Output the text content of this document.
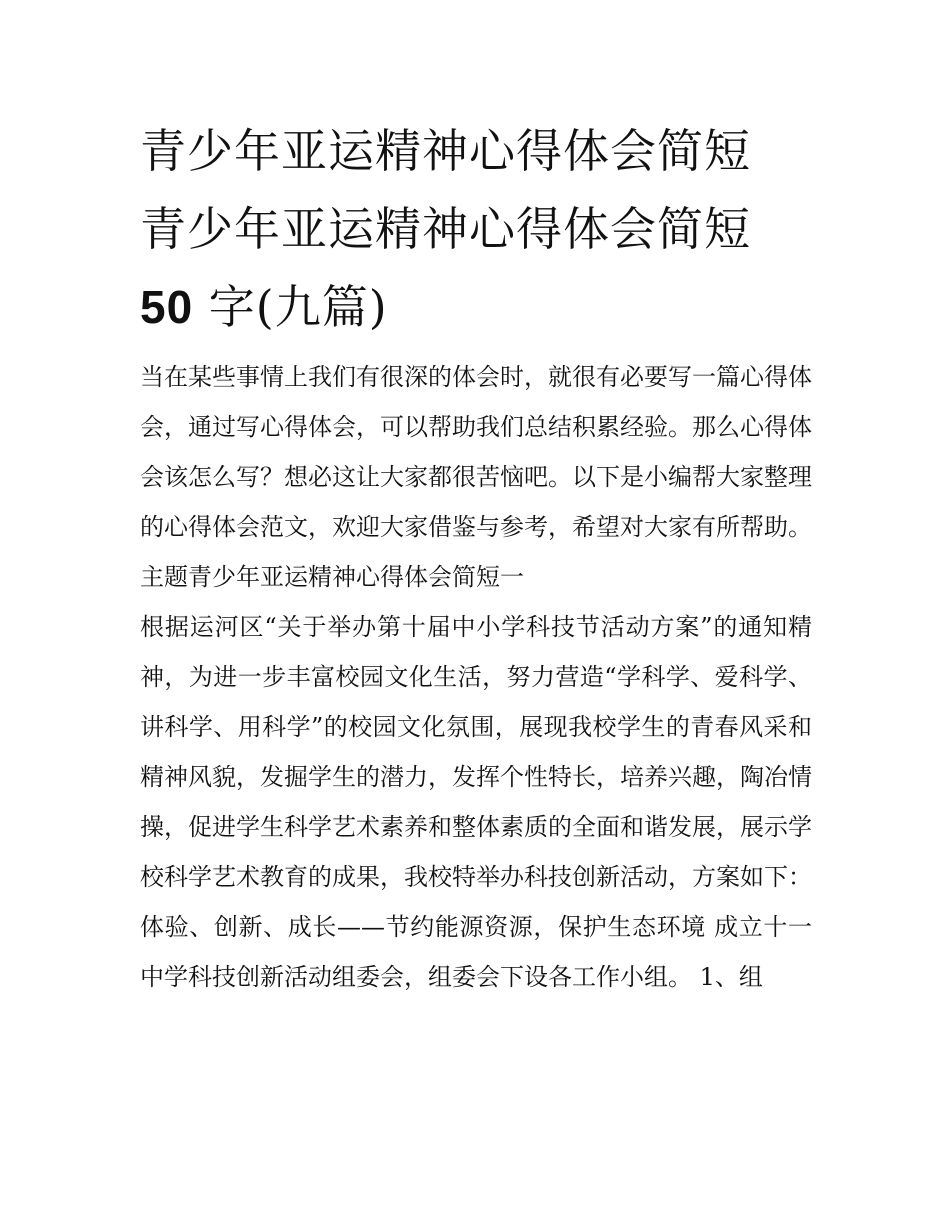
青少年亚运精神心得体会简短
青少年亚运精神心得体会简短
50 字(九篇)

当在某些事情上我们有很深的体会时，就很有必要写一篇心得体会，通过写心得体会，可以帮助我们总结积累经验。那么心得体会该怎么写？想必这让大家都很苦恼吧。以下是小编帮大家整理的心得体会范文，欢迎大家借鉴与参考，希望对大家有所帮助。

主题青少年亚运精神心得体会简短一

根据运河区“关于举办第十届中小学科技节活动方案”的通知精神，为进一步丰富校园文化生活，努力营造“学科学、爱科学、讲科学、用科学”的校园文化氛围，展现我校学生的青春风采和精神风貌，发掘学生的潜力，发挥个性特长，培养兴趣，陶冶情操，促进学生科学艺术素养和整体素质的全面和谐发展，展示学校科学艺术教育的成果，我校特举办科技创新活动，方案如下：

体验、创新、成长——节约能源资源，保护生态环境 成立十一中学科技创新活动组委会，组委会下设各工作小组。 1、组
